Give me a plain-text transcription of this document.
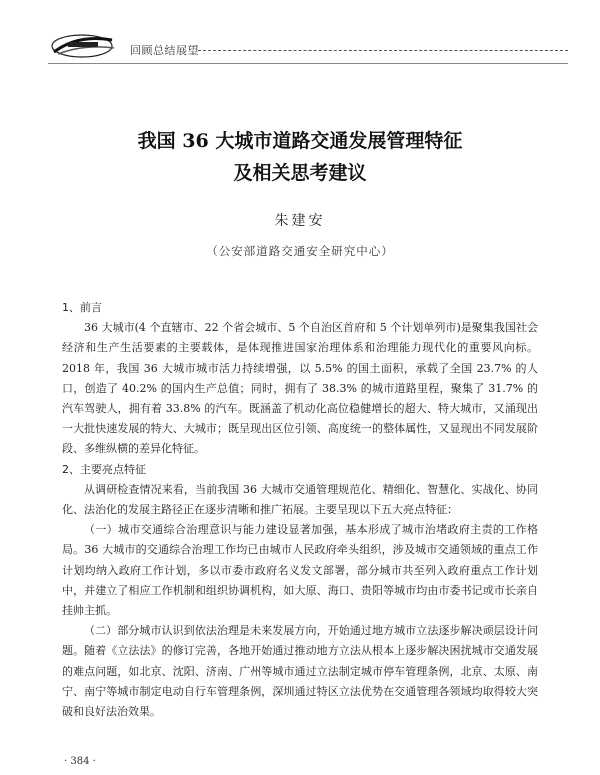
回顾总结展望
我国 36 大城市道路交通发展管理特征
及相关思考建议
朱建安
（公安部道路交通安全研究中心）
1、前言

36 大城市(4 个直辖市、22 个省会城市、5 个自治区首府和 5 个计划单列市)是聚集我国社会经济和生产生活要素的主要载体，是体现推进国家治理体系和治理能力现代化的重要风向标。2018 年，我国 36 大城市城市活力持续增强，以 5.5% 的国土面积，承载了全国 23.7% 的人口，创造了 40.2% 的国内生产总值；同时，拥有了 38.3% 的城市道路里程，聚集了 31.7% 的汽车驾驶人，拥有着 33.8% 的汽车。既涵盖了机动化高位稳健增长的超大、特大城市，又涌现出一大批快速发展的特大、大城市；既呈现出区位引领、高度统一的整体属性，又显现出不同发展阶段、多维纵横的差异化特征。

2、主要亮点特征

从调研检查情况来看，当前我国 36 大城市交通管理规范化、精细化、智慧化、实战化、协同化、法治化的发展主路径正在逐步清晰和推广拓展。主要呈现以下五大亮点特征：

（一）城市交通综合治理意识与能力建设显著加强，基本形成了城市治堵政府主责的工作格局。36 大城市的交通综合治理工作均已由城市人民政府牵头组织，涉及城市交通领域的重点工作计划均纳入政府工作计划，多以市委市政府名义发文部署，部分城市共至列入政府重点工作计划中，并建立了相应工作机制和组织协调机构，如大原、海口、贵阳等城市均由市委书记或市长亲自挂帅主抓。

（二）部分城市认识到依法治理是未来发展方向，开始通过地方城市立法逐步解决顽层设计问题。随着《立法法》的修订完善，各地开始通过推动地方立法从根本上逐步解决困扰城市交通发展的难点问题，如北京、沈阳、济南、广州等城市通过立法制定城市停车管理条例，北京、太原、南宁、南宁等城市制定电动自行车管理条例，深圳通过特区立法优势在交通管理各领域均取得较大突破和良好法治效果。

· 384 ·
